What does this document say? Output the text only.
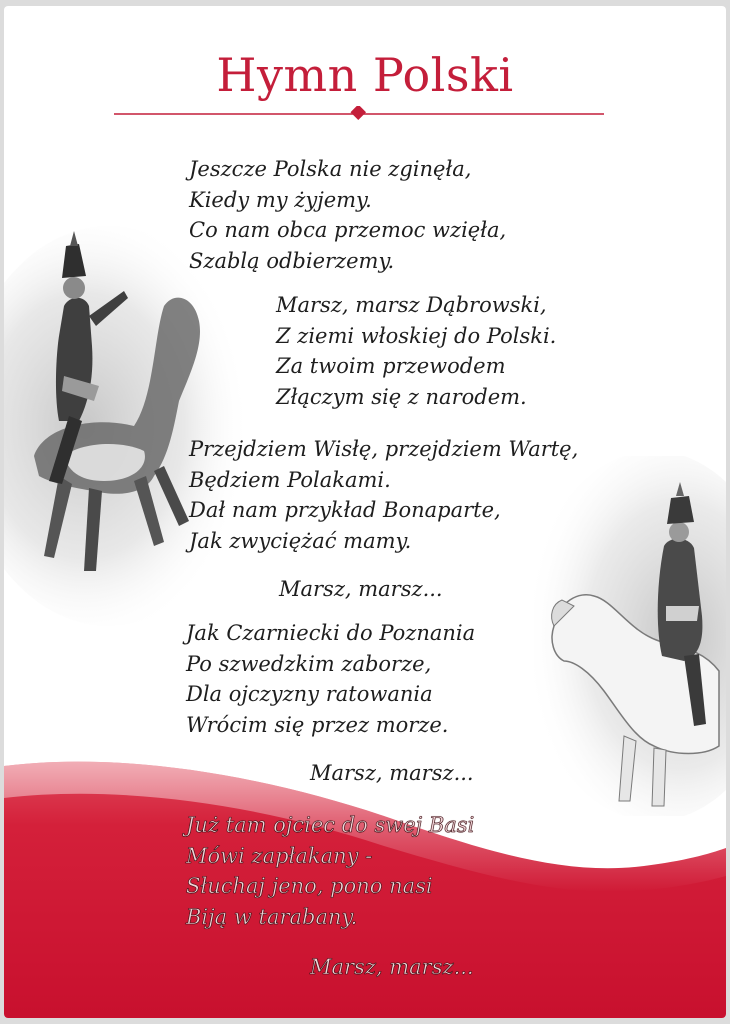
Hymn Polski
Jeszcze Polska nie zginęła,
Kiedy my żyjemy.
Co nam obca przemoc wzięła,
Szablą odbierzemy.
Marsz, marsz Dąbrowski,
Z ziemi włoskiej do Polski.
Za twoim przewodem
Złączym się z narodem.
Przejdziem Wisłę, przejdziem Wartę,
Będziem Polakami.
Dał nam przykład Bonaparte,
Jak zwyciężać mamy.
Marsz, marsz...
Jak Czarniecki do Poznania
Po szwedzkim zaborze,
Dla ojczyzny ratowania
Wrócim się przez morze.
Marsz, marsz...
Już tam ojciec do swej Basi
Mówi zapłakany -
Słuchaj jeno, pono nasi
Biją w tarabany.
Marsz, marsz...
